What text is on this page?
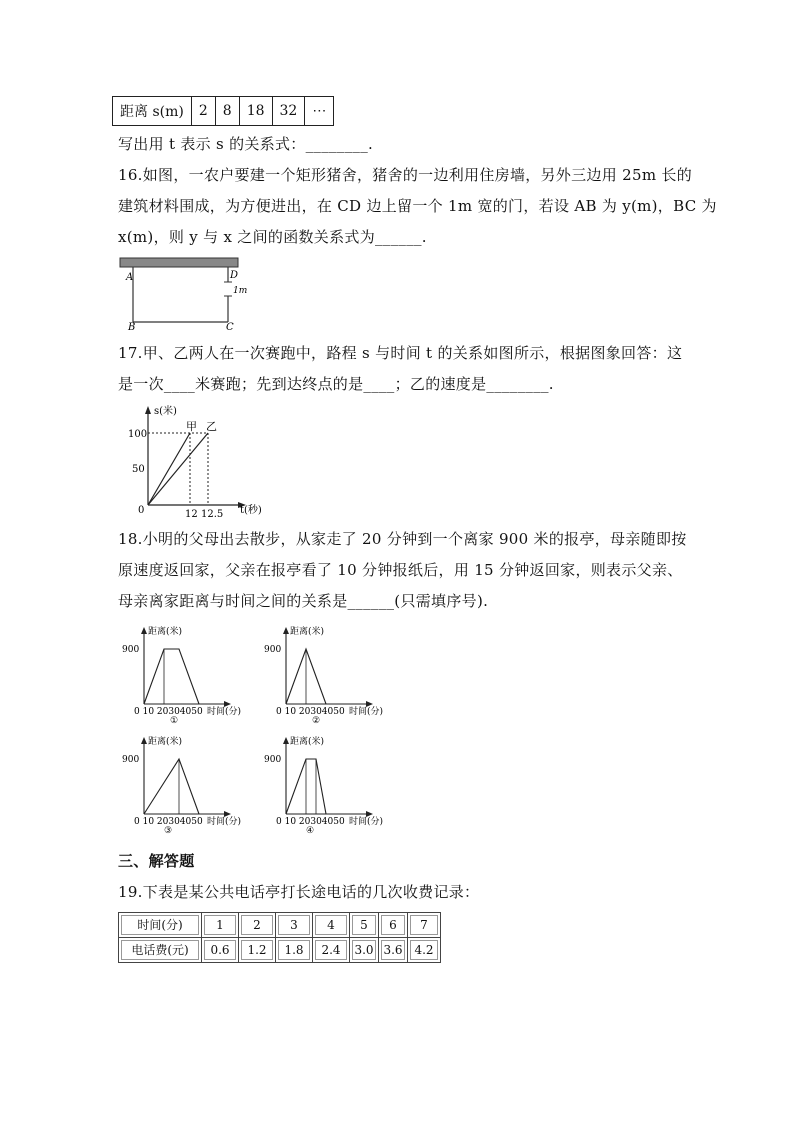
距离 s(m)	2	8	18	32	⋯
写出用 t 表示 s 的关系式：________.
16.如图，一农户要建一个矩形猪舍，猪舍的一边利用住房墙，另外三边用 25m 长的
建筑材料围成，为方便进出，在 CD 边上留一个 1m 宽的门，若设 AB 为 y(m)，BC 为
x(m)，则 y 与 x 之间的函数关系式为______.
A
B	C
D
1m
17.甲、乙两人在一次赛跑中，路程 s 与时间 t 的关系如图所示，根据图象回答：这
是一次____米赛跑；先到达终点的是____；乙的速度是________.
s(米)
t(秒)
100
50
0	12 12.5
甲 乙
18.小明的父母出去散步，从家走了 20 分钟到一个离家 900 米的报亭，母亲随即按
原速度返回家，父亲在报亭看了 10 分钟报纸后，用 15 分钟返回家，则表示父亲、
母亲离家距离与时间之间的关系是______(只需填序号).
距离(米)
900
0 10 20304050 时间(分)
①
距离(米)
900
0 10 20304050 时间(分)
②
距离(米)
900
0 10 20304050 时间(分)
③
距离(米)
900
0 10 20304050 时间(分)
④
三、解答题
19.下表是某公共电话亭打长途电话的几次收费记录：
时间(分)	1	2	3	4	5	6	7

电话费(元)	0.6	1.2	1.8	2.4	3.0	3.6	4.2
